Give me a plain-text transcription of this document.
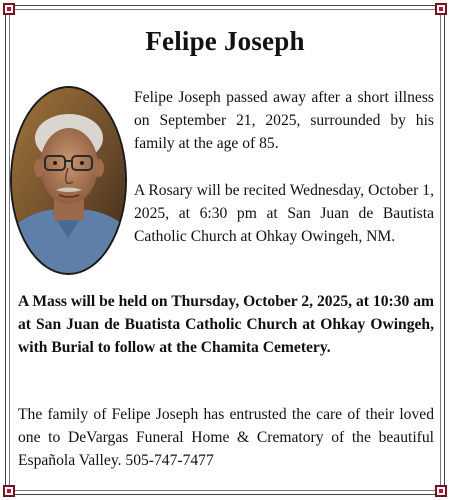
Felipe Joseph
Felipe Joseph passed away after a short illness on September 21, 2025, surrounded by his family at the age of 85.
A Rosary will be recited Wednesday, October 1, 2025, at 6:30 pm at San Juan de Bautista Catholic Church at Ohkay Owingeh, NM.
A Mass will be held on Thursday, October 2, 2025, at 10:30 am at San Juan de Buatista Catholic Church at Ohkay Owingeh, with Burial to follow at the Chamita Cemetery.
The family of Felipe Joseph has entrusted the care of their loved one to DeVargas Funeral Home & Crematory of the beautiful Española Valley. 505-747-7477
